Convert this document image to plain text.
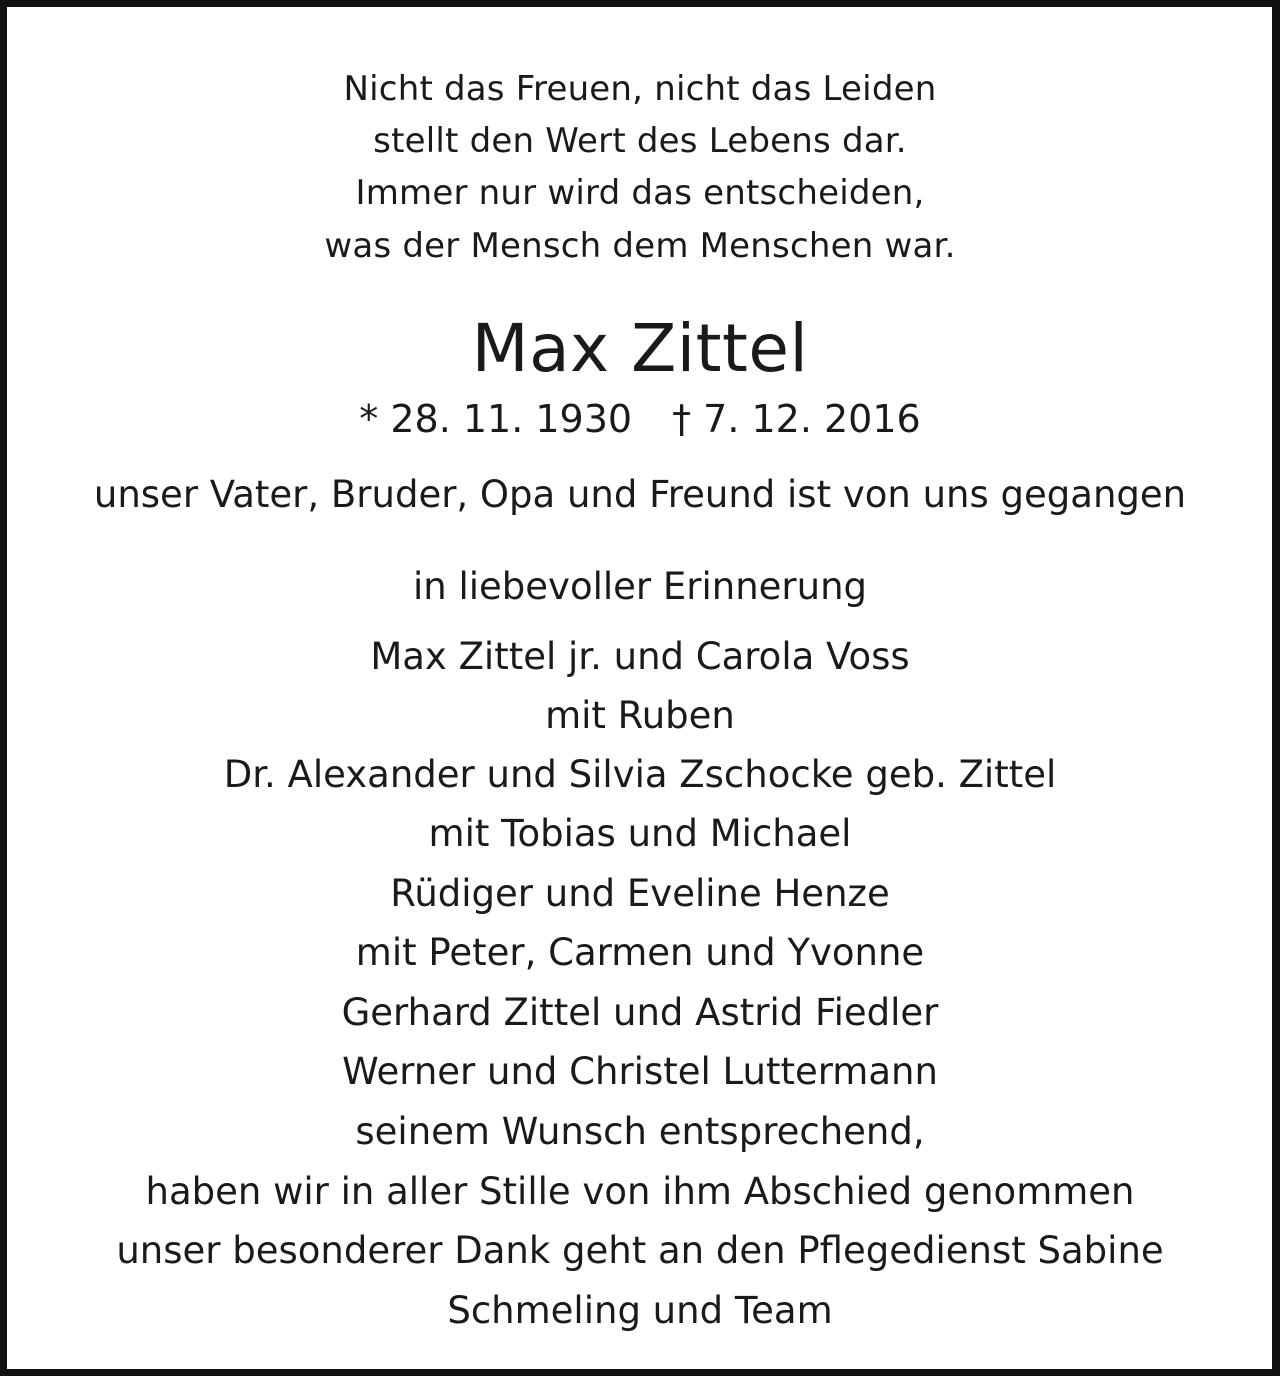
Nicht das Freuen, nicht das Leiden
stellt den Wert des Lebens dar.
Immer nur wird das entscheiden,
was der Mensch dem Menschen war.
Max Zittel
* 28. 11. 1930 † 7. 12. 2016
unser Vater, Bruder, Opa und Freund ist von uns gegangen
in liebevoller Erinnerung
Max Zittel jr. und Carola Voss
mit Ruben
Dr. Alexander und Silvia Zschocke geb. Zittel
mit Tobias und Michael
Rüdiger und Eveline Henze
mit Peter, Carmen und Yvonne
Gerhard Zittel und Astrid Fiedler
Werner und Christel Luttermann
seinem Wunsch entsprechend,
haben wir in aller Stille von ihm Abschied genommen
unser besonderer Dank geht an den Pflegedienst Sabine
Schmeling und Team
